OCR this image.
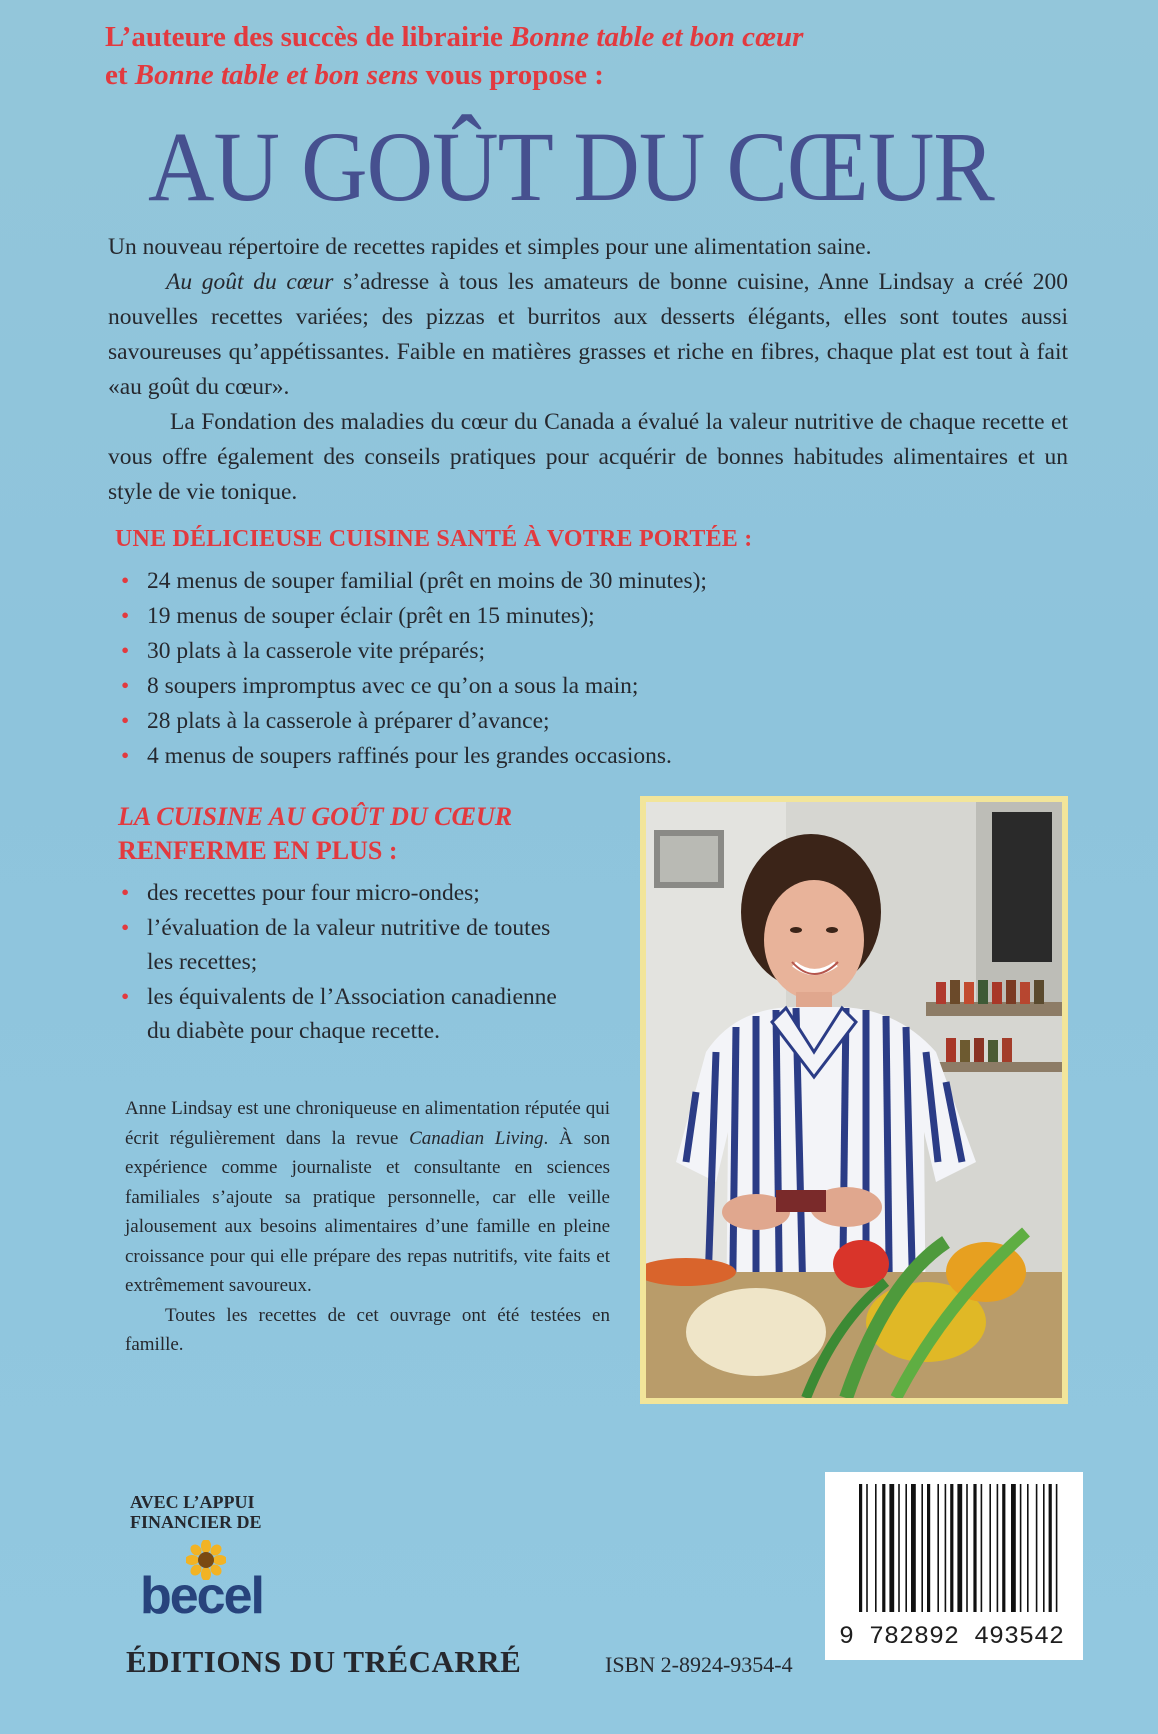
L’auteure des succès de librairie Bonne table et bon cœur
et Bonne table et bon sens vous propose :
AU GOÛT DU CŒUR

Un nouveau répertoire de recettes rapides et simples pour une alimentation saine.

Au goût du cœur s’adresse à tous les amateurs de bonne cuisine, Anne Lindsay a créé 200 nouvelles recettes variées; des pizzas et burritos aux desserts élégants, elles sont toutes aussi savoureuses qu’appétissantes. Faible en matières grasses et riche en fibres, chaque plat est tout à fait «au goût du cœur».

La Fondation des maladies du cœur du Canada a évalué la valeur nutritive de chaque recette et vous offre également des conseils pratiques pour acquérir de bonnes habitudes alimentaires et un style de vie tonique.

UNE DÉLICIEUSE CUISINE SANTÉ À VOTRE PORTÉE :
• 24 menus de souper familial (prêt en moins de 30 minutes);
• 19 menus de souper éclair (prêt en 15 minutes);
• 30 plats à la casserole vite préparés;
• 8 soupers impromptus avec ce qu’on a sous la main;
• 28 plats à la casserole à préparer d’avance;
• 4 menus de soupers raffinés pour les grandes occasions.
LA CUISINE AU GOÛT DU CŒUR
RENFERME EN PLUS :
• des recettes pour four micro-ondes;
• l’évaluation de la valeur nutritive de toutes les recettes;
• les équivalents de l’Association canadienne du diabète pour chaque recette.

Anne Lindsay est une chroniqueuse en alimentation réputée qui écrit régulièrement dans la revue Canadian Living. À son expérience comme journaliste et consultante en sciences familiales s’ajoute sa pratique personnelle, car elle veille jalousement aux besoins alimentaires d’une famille en pleine croissance pour qui elle prépare des repas nutritifs, vite faits et extrêmement savoureux.

Toutes les recettes de cet ouvrage ont été testées en famille.

AVEC L’APPUI
FINANCIER DE
becel
ÉDITIONS DU TRÉCARRÉ	ISBN 2-8924-9354-4
9 782892 493542
